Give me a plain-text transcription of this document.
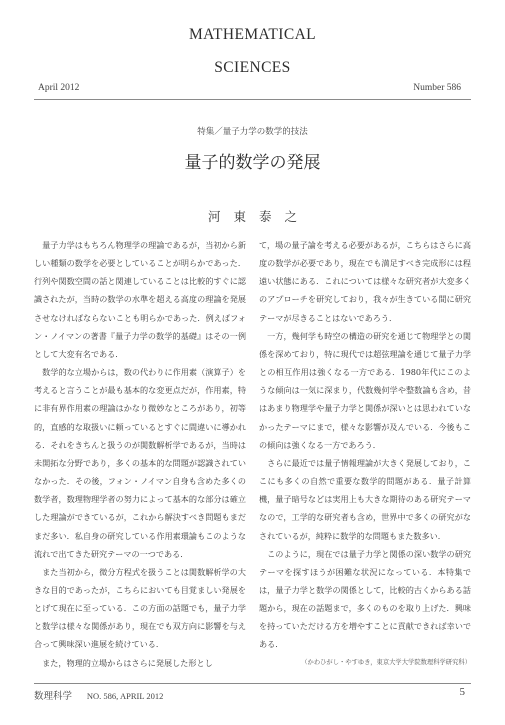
MATHEMATICAL
SCIENCES
April 2012	Number 586
特集／量子力学の数学的技法
量子的数学の発展
河東泰之

量子力学はもちろん物理学の理論であるが，当初から新しい種類の数学を必要としていることが明らかであった．行列や関数空間の話と関連していることは比較的すぐに認識されたが，当時の数学の水準を超える高度の理論を発展させなければならないことも明らかであった．例えばフォン・ノイマンの著書『量子力学の数学的基礎』はその一例として大変有名である．

数学的な立場からは，数の代わりに作用素（演算子）を考えると言うことが最も基本的な変更点だが，作用素，特に非有界作用素の理論はかなり微妙なところがあり，初等的，直感的な取扱いに頼っているとすぐに間違いに導かれる．それをきちんと扱うのが関数解析学であるが，当時は未開拓な分野であり，多くの基本的な問題が認識されていなかった．その後，フォン・ノイマン自身も含めた多くの数学者，数理物理学者の努力によって基本的な部分は確立した理論ができているが，これから解決すべき問題もまだまだ多い．私自身の研究している作用素環論もこのような流れで出てきた研究テーマの一つである．

また当初から，微分方程式を扱うことは関数解析学の大きな目的であったが，こちらにおいても目覚ましい発展をとげて現在に至っている．この方面の話題でも，量子力学と数学は様々な関係があり，現在でも双方向に影響を与え合って興味深い進展を続けている．

また，物理的立場からはさらに発展した形とし

て，場の量子論を考える必要があるが，こちらはさらに高度の数学が必要であり，現在でも満足すべき完成形には程遠い状態にある．これについては様々な研究者が大変多くのアプローチを研究しており，我々が生きている間に研究テーマが尽きることはないであろう．

一方，幾何学も時空の構造の研究を通じて物理学との関係を深めており，特に現代では超弦理論を通じて量子力学との相互作用は強くなる一方である．1980年代にこのような傾向は一気に深まり，代数幾何学や整数論も含め，昔はあまり物理学や量子力学と関係が深いとは思われていなかったテーマにまで，様々な影響が及んでいる．今後もこの傾向は強くなる一方であろう．

さらに最近では量子情報理論が大きく発展しており，ここにも多くの自然で重要な数学的問題がある．量子計算機，量子暗号などは実用上も大きな期待のある研究テーマなので，工学的な研究者も含め，世界中で多くの研究がなされているが，純粋に数学的な問題もまた数多い．

このように，現在では量子力学と関係の深い数学の研究テーマを探すほうが困難な状況になっている．本特集では，量子力学と数学の関係として，比較的古くからある話題から，現在の話題まで，多くのものを取り上げた．興味を持っていただける方を増やすことに貢献できれば幸いである．

（かわひがし・やすゆき，東京大学大学院数理科学研究科）

数理科学 NO. 586, APRIL 2012	5
